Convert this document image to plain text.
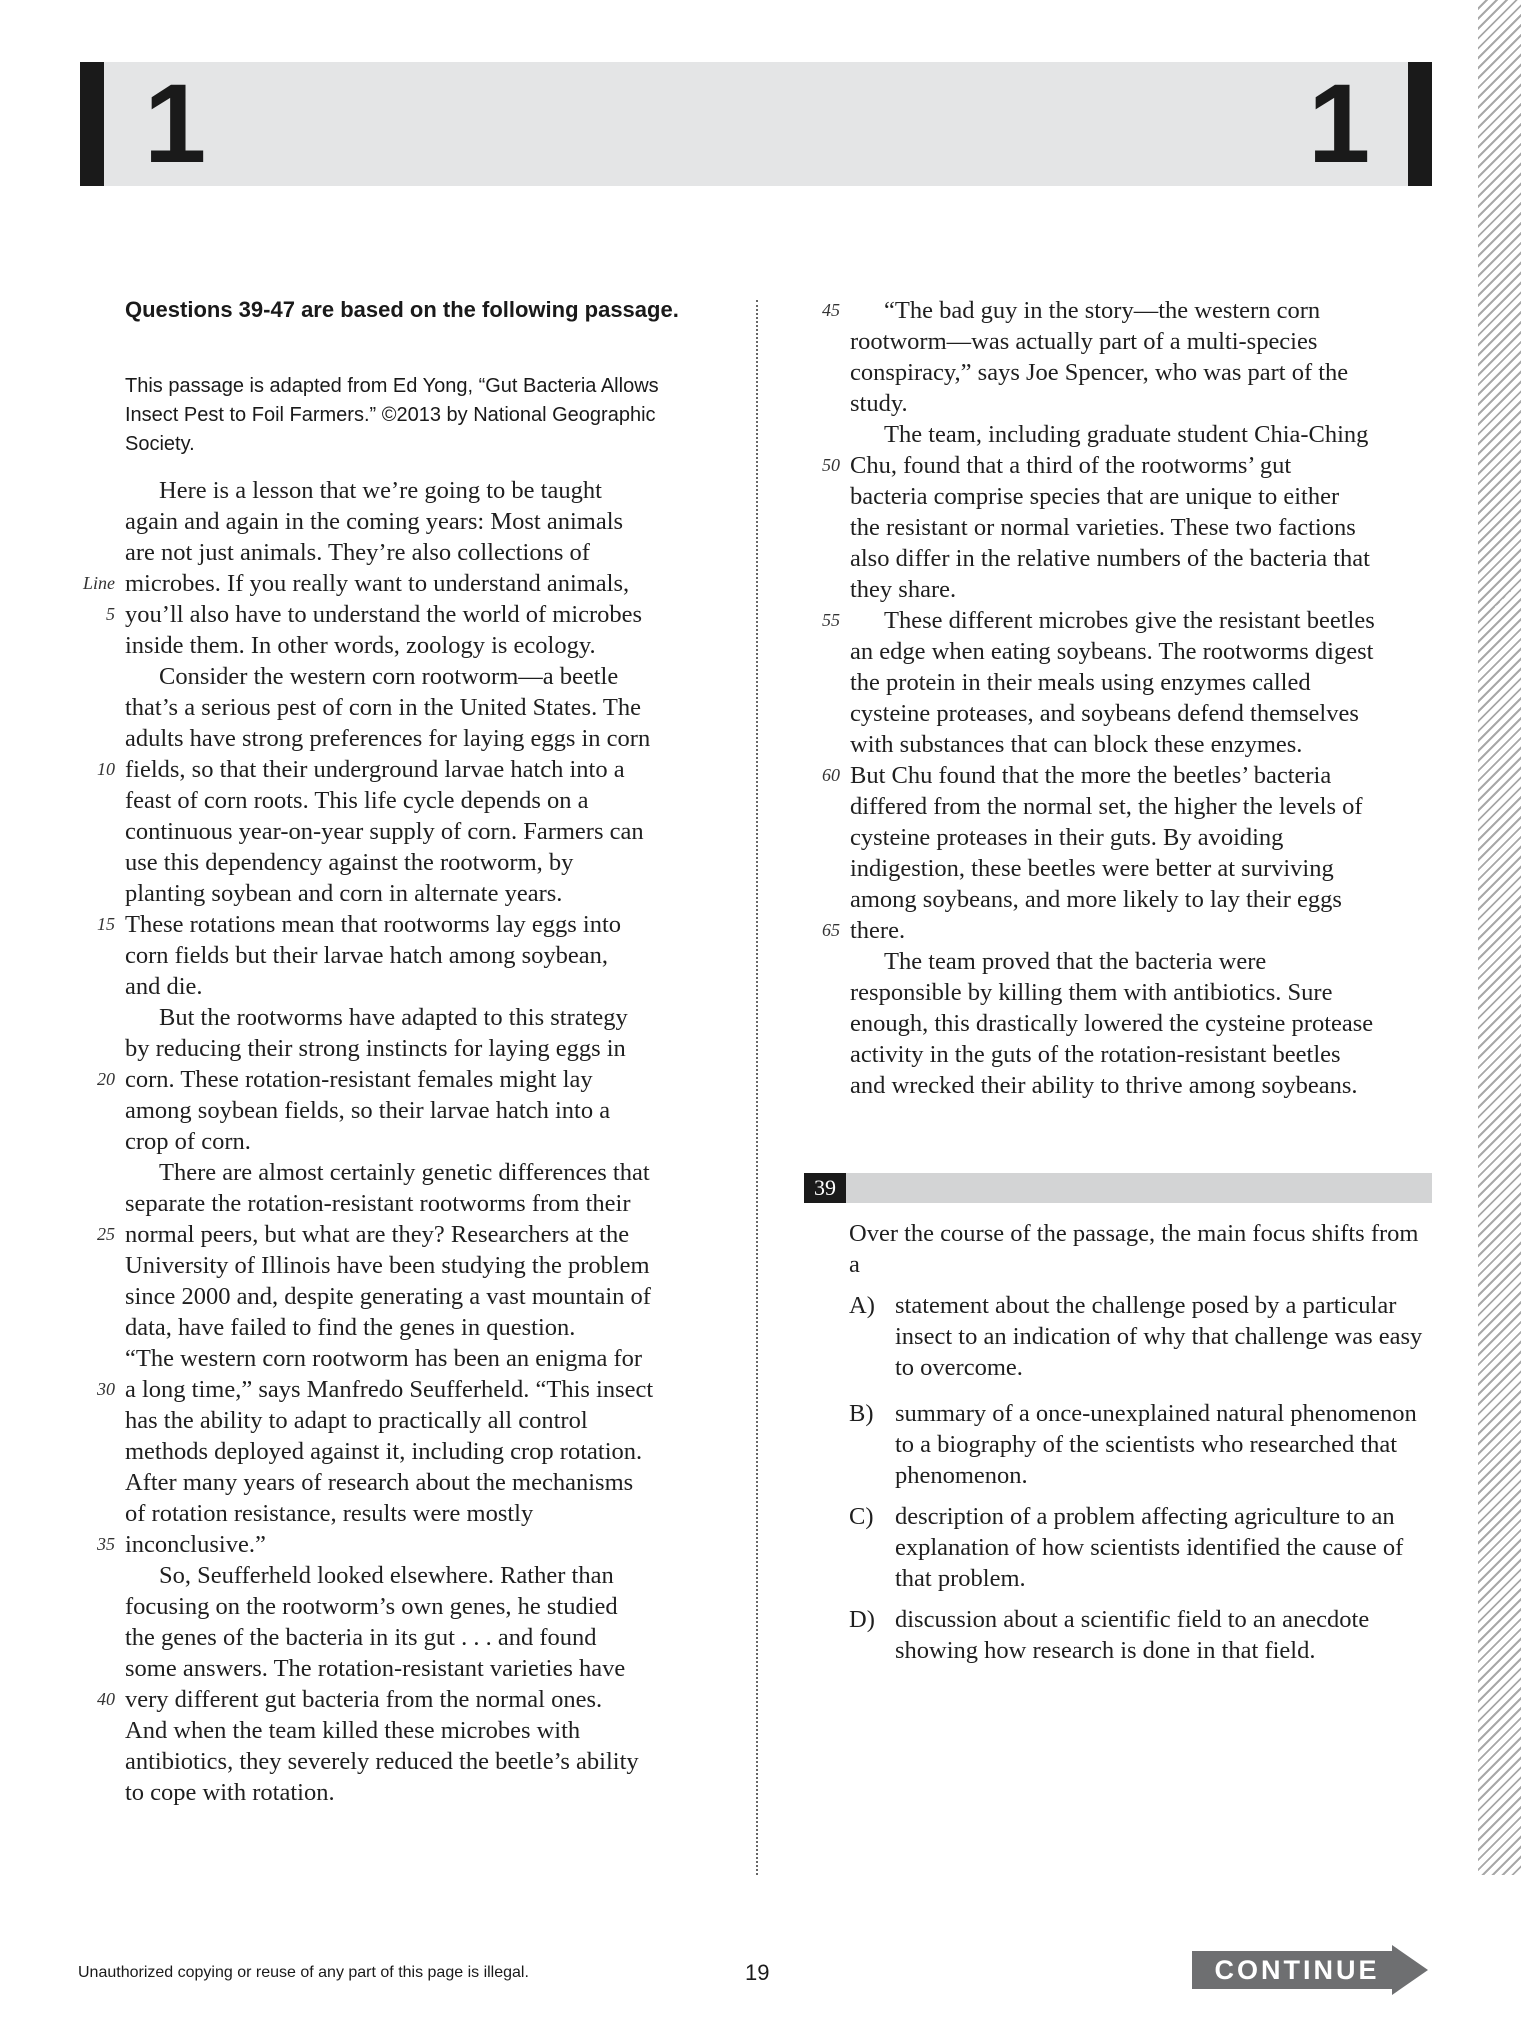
1	1
Questions 39-47 are based on the following passage.
This passage is adapted from Ed Yong, “Gut Bacteria Allows Insect Pest to Foil Farmers.” ©2013 by National Geographic Society.
Here is a lesson that we’re going to be taught
again and again in the coming years: Most animals
are not just animals. They’re also collections of
microbes. If you really want to understand animals,
you’ll also have to understand the world of microbes
inside them. In other words, zoology is ecology.
Consider the western corn rootworm—a beetle
that’s a serious pest of corn in the United States. The
adults have strong preferences for laying eggs in corn
fields, so that their underground larvae hatch into a
feast of corn roots. This life cycle depends on a
continuous year-on-year supply of corn. Farmers can
use this dependency against the rootworm, by
planting soybean and corn in alternate years.
These rotations mean that rootworms lay eggs into
corn fields but their larvae hatch among soybean,
and die.
But the rootworms have adapted to this strategy
by reducing their strong instincts for laying eggs in
corn. These rotation-resistant females might lay
among soybean fields, so their larvae hatch into a
crop of corn.
There are almost certainly genetic differences that
separate the rotation-resistant rootworms from their
normal peers, but what are they? Researchers at the
University of Illinois have been studying the problem
since 2000 and, despite generating a vast mountain of
data, have failed to find the genes in question.
“The western corn rootworm has been an enigma for
a long time,” says Manfredo Seufferheld. “This insect
has the ability to adapt to practically all control
methods deployed against it, including crop rotation.
After many years of research about the mechanisms
of rotation resistance, results were mostly
inconclusive.”
So, Seufferheld looked elsewhere. Rather than
focusing on the rootworm’s own genes, he studied
the genes of the bacteria in its gut . . . and found
some answers. The rotation-resistant varieties have
very different gut bacteria from the normal ones.
And when the team killed these microbes with
antibiotics, they severely reduced the beetle’s ability
to cope with rotation.
5
10
15
20
25
30
35
40
Line
“The bad guy in the story—the western corn
rootworm—was actually part of a multi-species
conspiracy,” says Joe Spencer, who was part of the
study.
The team, including graduate student Chia-Ching
Chu, found that a third of the rootworms’ gut
bacteria comprise species that are unique to either
the resistant or normal varieties. These two factions
also differ in the relative numbers of the bacteria that
they share.
These different microbes give the resistant beetles
an edge when eating soybeans. The rootworms digest
the protein in their meals using enzymes called
cysteine proteases, and soybeans defend themselves
with substances that can block these enzymes.
But Chu found that the more the beetles’ bacteria
differed from the normal set, the higher the levels of
cysteine proteases in their guts. By avoiding
indigestion, these beetles were better at surviving
among soybeans, and more likely to lay their eggs
there.
The team proved that the bacteria were
responsible by killing them with antibiotics. Sure
enough, this drastically lowered the cysteine protease
activity in the guts of the rotation-resistant beetles
and wrecked their ability to thrive among soybeans.
45
50
55
60
65
39
Over the course of the passage, the main focus shifts from a
A) statement about the challenge posed by a particular insect to an indication of why that challenge was easy to overcome.
B) summary of a once-unexplained natural phenomenon to a biography of the scientists who researched that phenomenon.
C) description of a problem affecting agriculture to an explanation of how scientists identified the cause of that problem.
D) discussion about a scientific field to an anecdote showing how research is done in that field.
Unauthorized copying or reuse of any part of this page is illegal.	19	CONTINUE
